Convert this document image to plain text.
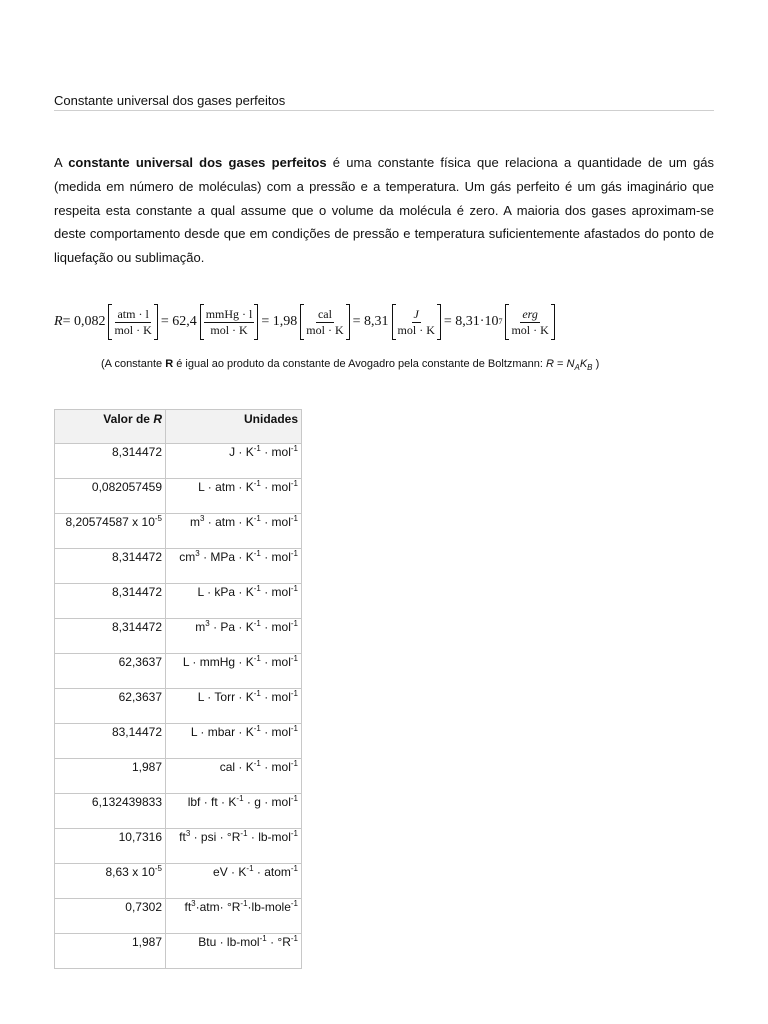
Constante universal dos gases perfeitos

A constante universal dos gases perfeitos é uma constante física que relaciona a quantidade de um gás (medida em número de moléculas) com a pressão e a temperatura. Um gás perfeito é um gás imaginário que respeita esta constante a qual assume que o volume da molécula é zero. A maioria dos gases aproximam-se deste comportamento desde que em condições de pressão e temperatura suficientemente afastados do ponto de liquefação ou sublimação.

$R = 0,082 \frac{\text{atm · l}}{\text{mol · K}} = 62,4 \frac{\text{mmHg · l}}{\text{mol · K}} = 1,98 \frac{\text{cal}}{\text{mol · K}} = 8,31 \frac{J}{\text{mol · K}} = 8,31\cdot 10$ $7 \frac{\text{erg}}{\text{mol · K}}$
(A constante R é igual ao produto da constante de Avogadro pela constante de Boltzmann: $R = N_AK_B$ )
Valor de R	Unidades
8,314472	$J \cdot K^{-1} \cdot mol^{-1}$
0,082057459	L · atm · $K^{-1} \cdot mol^{-1}$
8,20574587 x $10^{-5}$	$m^3$ · atm · $K^{-1} \cdot mol^{-1}$
8,314472	$cm^3$ · MPa · $K^{-1} \cdot mol^{-1}$
8,314472	L · kPa · $K^{-1} \cdot mol^{-1}$
8,314472	$m^3 \cdot Pa \cdot K^{-1} \cdot mol^{-1}$
62,3637	L · mmHg · $K^{-1} \cdot mol^{-1}$
62,3637	L · Torr · $K^{-1} \cdot mol^{-1}$
83,14472	L · mbar · $K^{-1} \cdot mol^{-1}$
1,987	cal · $K^{-1} \cdot mol^{-1}$
6,132439833	lbf · ft · $K^{-1} \cdot g \cdot mol^{-1}$
10,7316	$ft^3$ · psi · $^\circ R^{-1} \cdot lb-mol^{-1}$
8,63 x $10^{-5}$	eV · $K^{-1}$ · atom$^{-1}$
0,7302	$ft^3\cdot atm\cdot$ $^\circ R^{-1}\cdot lb-mole^{-1}$
1,987	Btu · $lb-mol^{-1} \cdot ^\circ R^{-1}$
